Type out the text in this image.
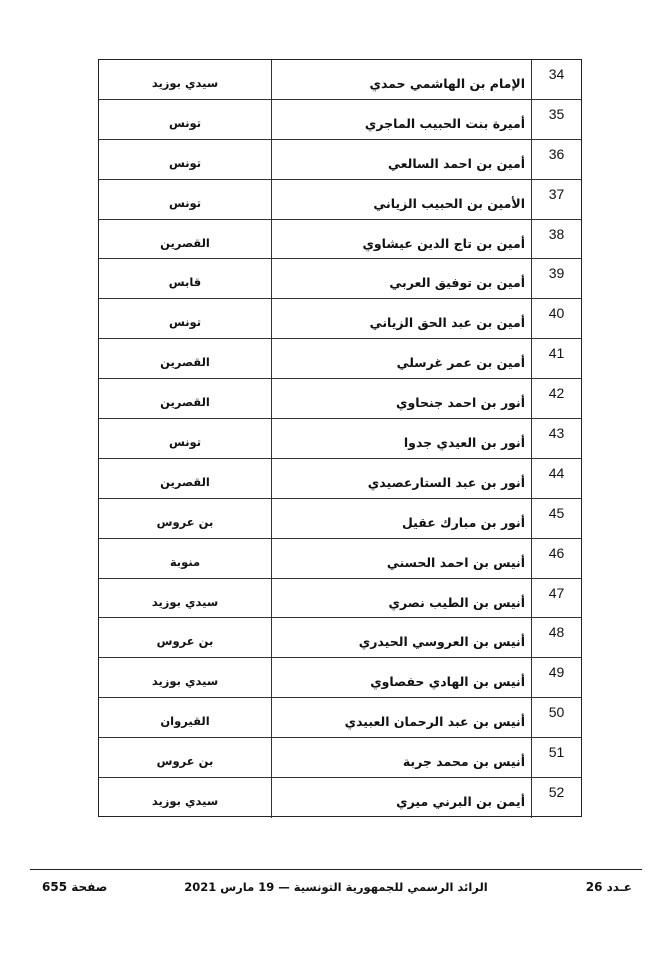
34
الإمام بن الهاشمي حمدي
سيدي بوزيد
35
أميرة بنت الحبيب الماجري
تونس
36
أمين بن احمد السالعي
تونس
37
الأمين بن الحبيب الزياني
تونس
38
أمين بن تاج الدين عيشاوي
القصرين
39
أمين بن توفيق العربي
قابس
40
أمين بن عبد الحق الزياني
تونس
41
أمين بن عمر غرسلي
القصرين
42
أنور بن احمد جنحاوي
القصرين
43
أنور بن العيدي جدوا
تونس
44
أنور بن عبد الستارعصيدي
القصرين
45
أنور بن مبارك عقيل
بن عروس
46
أنيس بن احمد الحسني
منوبة
47
أنيس بن الطيب نصري
سيدي بوزيد
48
أنيس بن العروسي الحيدري
بن عروس
49
أنيس بن الهادي حفصاوي
سيدي بوزيد
50
أنيس بن عبد الرحمان العبيدي
القيروان
51
أنيس بن محمد جربة
بن عروس
52
أيمن بن البرني ميري
سيدي بوزيد
عـدد 26
الرائد الرسمي للجمهورية التونسية — 19 مارس 2021
صفحة 655
